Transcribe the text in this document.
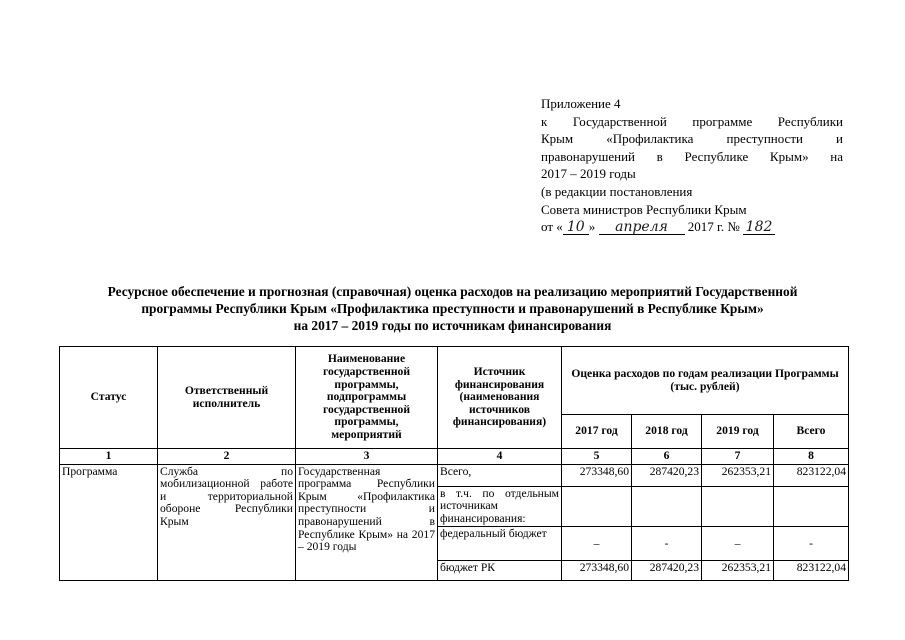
Приложение 4
к Государственной программе Республики
Крым «Профилактика преступности и
правонарушений в Республике Крым» на
2017 – 2019 годы
(в редакции постановления
Совета министров Республики Крым
от « 10 » апреля 2017 г. № 182
Ресурсное обеспечение и прогнозная (справочная) оценка расходов на реализацию мероприятий Государственной
программы Республики Крым «Профилактика преступности и правонарушений в Республике Крым»
на 2017 – 2019 годы по источникам финансирования
Статус	Ответственный исполнитель	Наименование государственной программы, подпрограммы государственной программы, мероприятий	Источник финансирования (наименования источников финансирования)	Оценка расходов по годам реализации Программы (тыс. рублей)			
				2017 год	2018 год	2019 год	Всего
1	2	3	4	5	6	7	8
Программа	Служба по мобилизационной работе и территориальной обороне Республики Крым	Государственная программа Республики Крым «Профилактика преступности и правонарушений в Республике Крым» на 2017 – 2019 годы	Всего,	273348,60	287420,23	262353,21	823122,04
			в т.ч. по отдельным источникам финансирования:				
			федеральный бюджет	–	-	–	-
			бюджет РК	273348,60	287420,23	262353,21	823122,04
